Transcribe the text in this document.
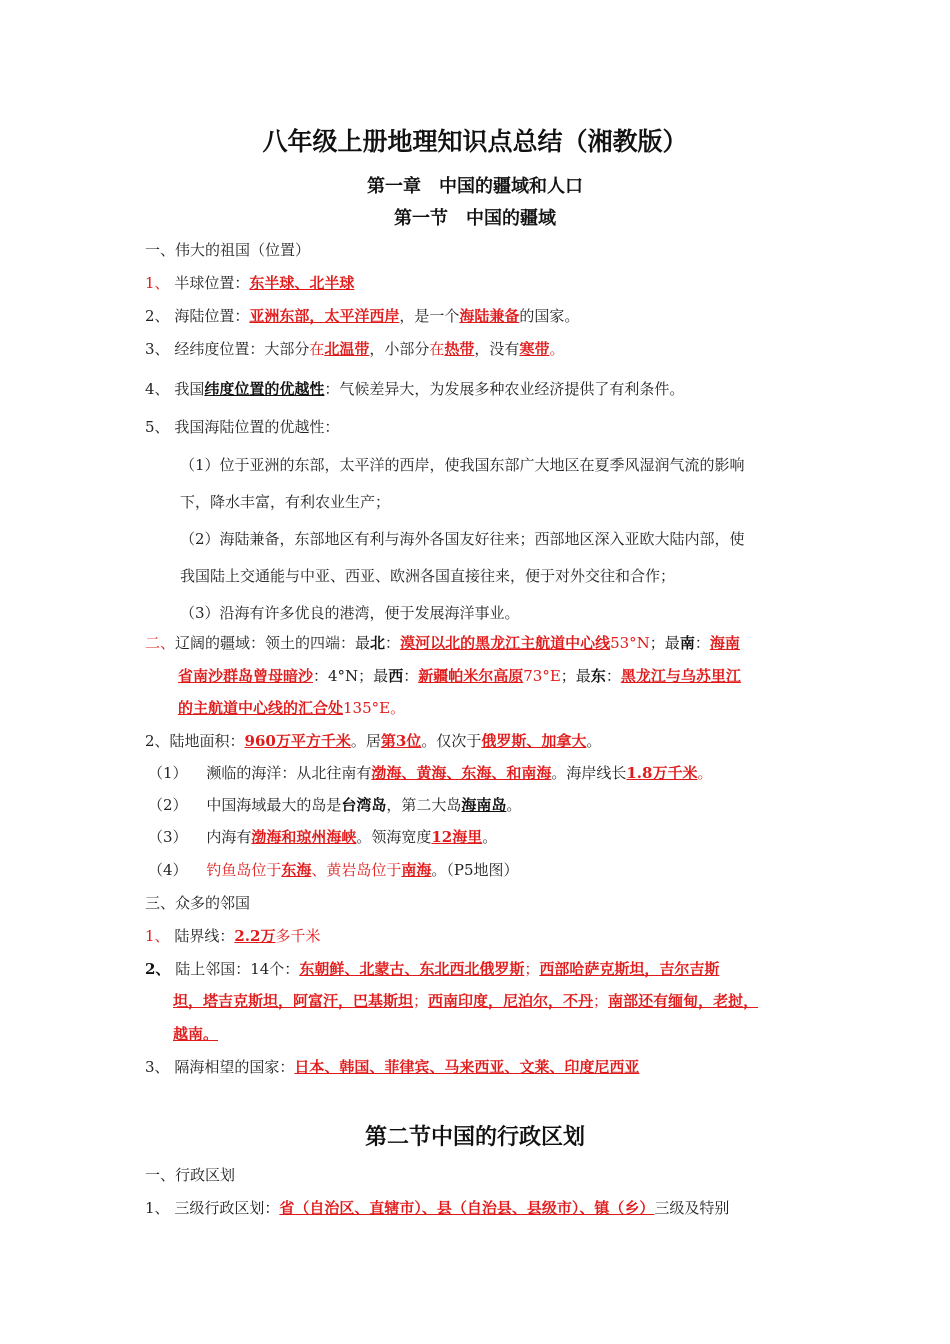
八年级上册地理知识点总结（湘教版）
第一章　中国的疆域和人口
第一节　中国的疆域
一、伟大的祖国（位置）
1、 半球位置：东半球、北半球
2、 海陆位置：亚洲东部，太平洋西岸，是一个海陆兼备的国家。
3、 经纬度位置：大部分在北温带，小部分在热带，没有寒带。
4、 我国纬度位置的优越性：气候差异大，为发展多种农业经济提供了有利条件。
5、 我国海陆位置的优越性：
（1）位于亚洲的东部，太平洋的西岸，使我国东部广大地区在夏季风湿润气流的影响
下，降水丰富，有利农业生产；
（2）海陆兼备，东部地区有利与海外各国友好往来；西部地区深入亚欧大陆内部，使
我国陆上交通能与中亚、西亚、欧洲各国直接往来，便于对外交往和合作；
（3）沿海有许多优良的港湾，便于发展海洋事业。
二、辽阔的疆域：领土的四端：最北：漠河以北的黑龙江主航道中心线53°N；最南：海南
省南沙群岛曾母暗沙：4°N；最西：新疆帕米尔高原73°E；最东：黑龙江与乌苏里江
的主航道中心线的汇合处135°E。
2、陆地面积：960万平方千米。居第3位。仅次于俄罗斯、加拿大。
（1） 濒临的海洋：从北往南有渤海、黄海、东海、和南海。海岸线长1.8万千米。
（2） 中国海域最大的岛是台湾岛，第二大岛海南岛。
（3） 内海有渤海和琼州海峡。领海宽度12海里。
（4） 钓鱼岛位于东海、黄岩岛位于南海。（P5地图）
三、众多的邻国
1、 陆界线：2.2万多千米
2、 陆上邻国：14个：东朝鲜、北蒙古、东北西北俄罗斯；西部哈萨克斯坦，吉尔吉斯
坦，塔吉克斯坦，阿富汗，巴基斯坦；西南印度，尼泊尔，不丹；南部还有缅甸，老挝，
越南。
3、 隔海相望的国家：日本、韩国、菲律宾、马来西亚、文莱、印度尼西亚
第二节中国的行政区划
一、行政区划
1、 三级行政区划：省（自治区、直辖市）、县（自治县、县级市）、镇（乡）三级及特别
